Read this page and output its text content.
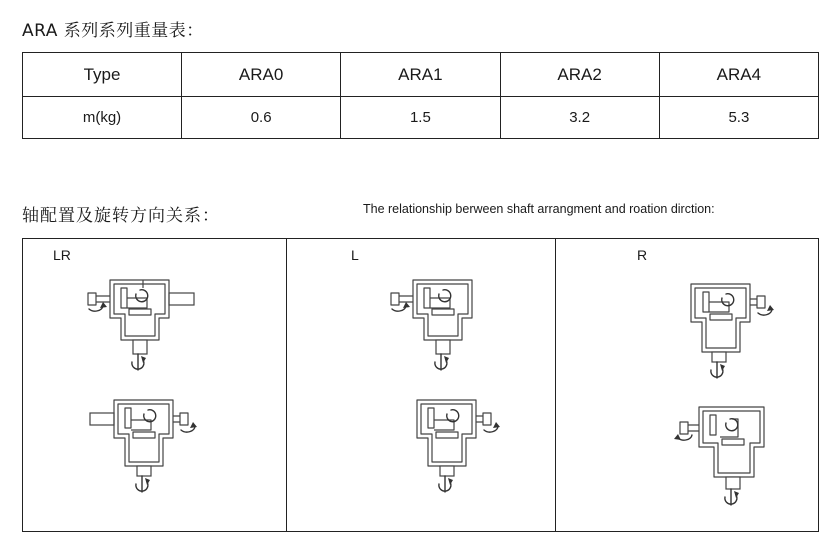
ARA 系列系列重量表：
Type	ARA0	ARA1	ARA2	ARA4
m(kg)	0.6	1.5	3.2	5.3
轴配置及旋转方向关系：	The relationship berween shaft arrangment and roation dirction:
LR	L	R
